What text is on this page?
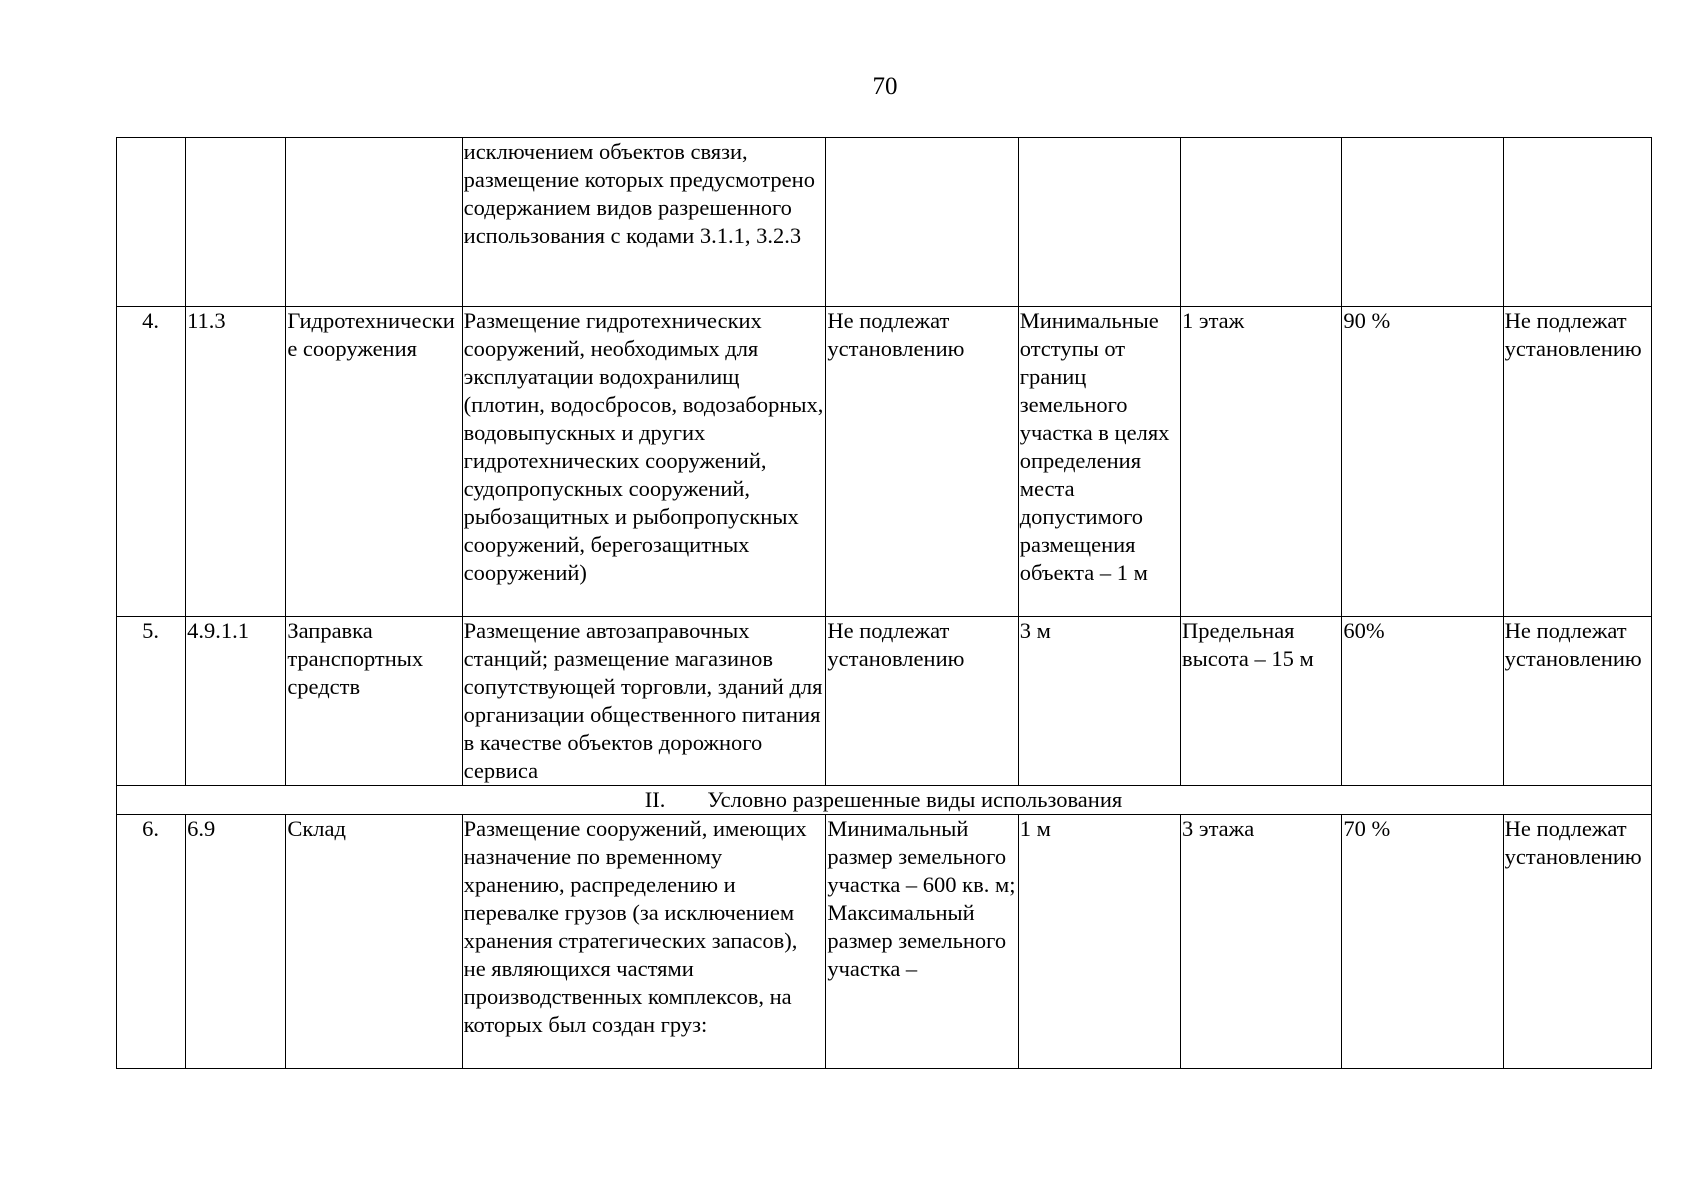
70
			исключением объектов связи, размещение которых предусмотрено содержанием видов разрешенного использования с кодами 3.1.1, 3.2.3					
4.	11.3	Гидротехнические сооружения	Размещение гидротехнических сооружений, необходимых для эксплуатации водохранилищ (плотин, водосбросов, водозаборных, водовыпускных и других гидротехнических сооружений, судопропускных сооружений, рыбозащитных и рыбопропускных сооружений, берегозащитных сооружений)	Не подлежат установлению	Минимальные отступы от границ земельного участка в целях определения места допустимого размещения объекта – 1 м	1 этаж	90 %	Не подлежат установлению
5.	4.9.1.1	Заправка транспортных средств	Размещение автозаправочных станций; размещение магазинов сопутствующей торговли, зданий для организации общественного питания в качестве объектов дорожного сервиса	Не подлежат установлению	3 м	Предельная высота – 15 м	60%	Не подлежат установлению
II. Условно разрешенные виды использования								
6.	6.9	Склад	Размещение сооружений, имеющих назначение по временному хранению, распределению и перевалке грузов (за исключением хранения стратегических запасов), не являющихся частями производственных комплексов, на которых был создан груз:	Минимальный размер земельного участка – 600 кв. м; Максимальный размер земельного участка –	1 м	3 этажа	70 %	Не подлежат установлению
